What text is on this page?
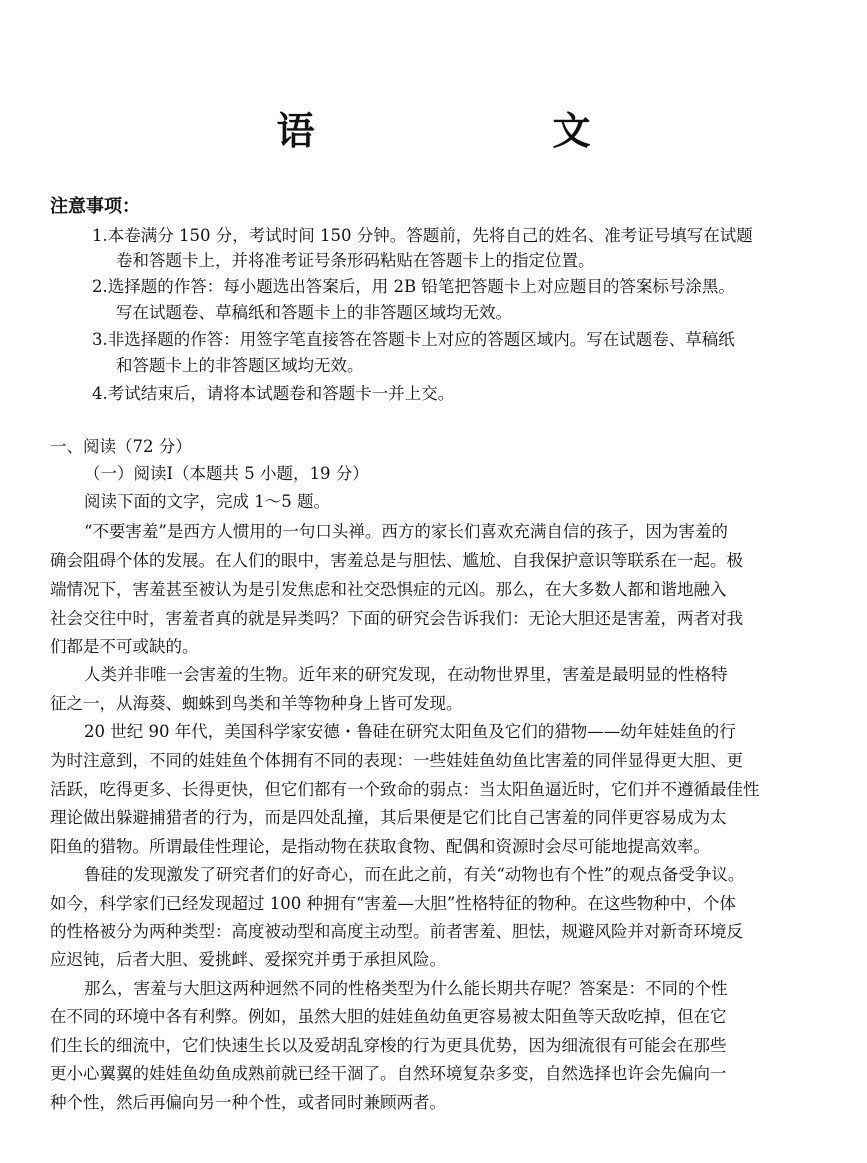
语　文
注意事项：
1.本卷满分 150 分，考试时间 150 分钟。答题前，先将自己的姓名、准考证号填写在试题
卷和答题卡上，并将准考证号条形码粘贴在答题卡上的指定位置。
2.选择题的作答：每小题选出答案后，用 2B 铅笔把答题卡上对应题目的答案标号涂黑。
写在试题卷、草稿纸和答题卡上的非答题区域均无效。
3.非选择题的作答：用签字笔直接答在答题卡上对应的答题区域内。写在试题卷、草稿纸
和答题卡上的非答题区域均无效。
4.考试结束后，请将本试题卷和答题卡一并上交。
一、阅读（72 分）
（一）阅读Ⅰ（本题共 5 小题，19 分）
阅读下面的文字，完成 1～5 题。
“不要害羞”是西方人惯用的一句口头禅。西方的家长们喜欢充满自信的孩子，因为害羞的
确会阻碍个体的发展。在人们的眼中，害羞总是与胆怯、尴尬、自我保护意识等联系在一起。极
端情况下，害羞甚至被认为是引发焦虑和社交恐惧症的元凶。那么，在大多数人都和谐地融入
社会交往中时，害羞者真的就是异类吗？下面的研究会告诉我们：无论大胆还是害羞，两者对我
们都是不可或缺的。
人类并非唯一会害羞的生物。近年来的研究发现，在动物世界里，害羞是最明显的性格特
征之一，从海葵、蜘蛛到鸟类和羊等物种身上皆可发现。
20 世纪 90 年代，美国科学家安德・鲁硅在研究太阳鱼及它们的猎物——幼年娃娃鱼的行
为时注意到，不同的娃娃鱼个体拥有不同的表现：一些娃娃鱼幼鱼比害羞的同伴显得更大胆、更
活跃，吃得更多、长得更快，但它们都有一个致命的弱点：当太阳鱼逼近时，它们并不遵循最佳性
理论做出躲避捕猎者的行为，而是四处乱撞，其后果便是它们比自己害羞的同伴更容易成为太
阳鱼的猎物。所谓最佳性理论，是指动物在获取食物、配偶和资源时会尽可能地提高效率。
鲁硅的发现激发了研究者们的好奇心，而在此之前，有关“动物也有个性”的观点备受争议。
如今，科学家们已经发现超过 100 种拥有“害羞—大胆”性格特征的物种。在这些物种中，个体
的性格被分为两种类型：高度被动型和高度主动型。前者害羞、胆怯，规避风险并对新奇环境反
应迟钝，后者大胆、爱挑衅、爱探究并勇于承担风险。
那么，害羞与大胆这两种迥然不同的性格类型为什么能长期共存呢？答案是：不同的个性
在不同的环境中各有利弊。例如，虽然大胆的娃娃鱼幼鱼更容易被太阳鱼等天敌吃掉，但在它
们生长的细流中，它们快速生长以及爱胡乱穿梭的行为更具优势，因为细流很有可能会在那些
更小心翼翼的娃娃鱼幼鱼成熟前就已经干涸了。自然环境复杂多变，自然选择也许会先偏向一
种个性，然后再偏向另一种个性，或者同时兼顾两者。
